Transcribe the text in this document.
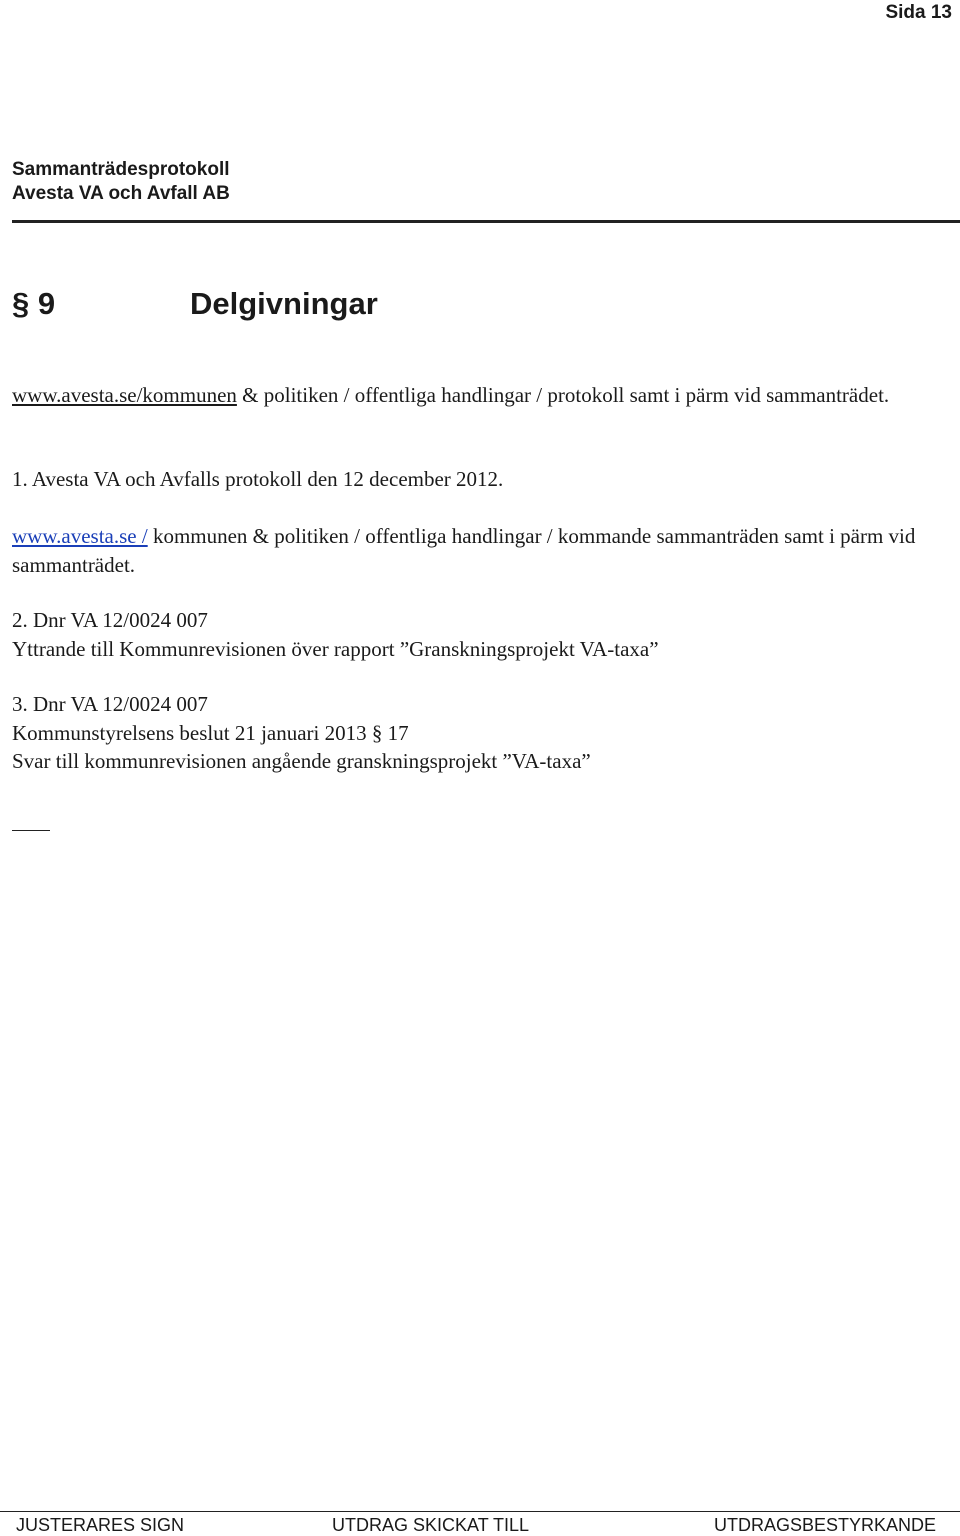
Sida 13
Sammanträdesprotokoll
Avesta VA och Avfall AB
§ 9	Delgivningar
www.avesta.se/kommunen & politiken / offentliga handlingar / protokoll samt i pärm vid sammanträdet.
1. Avesta VA och Avfalls protokoll den 12 december 2012.
www.avesta.se / kommunen & politiken / offentliga handlingar / kommande sammanträden samt i pärm vid sammanträdet.
2. Dnr VA 12/0024 007
Yttrande till Kommunrevisionen över rapport ”Granskningsprojekt VA-taxa”
3. Dnr VA 12/0024 007
Kommunstyrelsens beslut 21 januari 2013 § 17
Svar till kommunrevisionen angående granskningsprojekt ”VA-taxa”
JUSTERARES SIGN	UTDRAG SKICKAT TILL	UTDRAGSBESTYRKANDE
